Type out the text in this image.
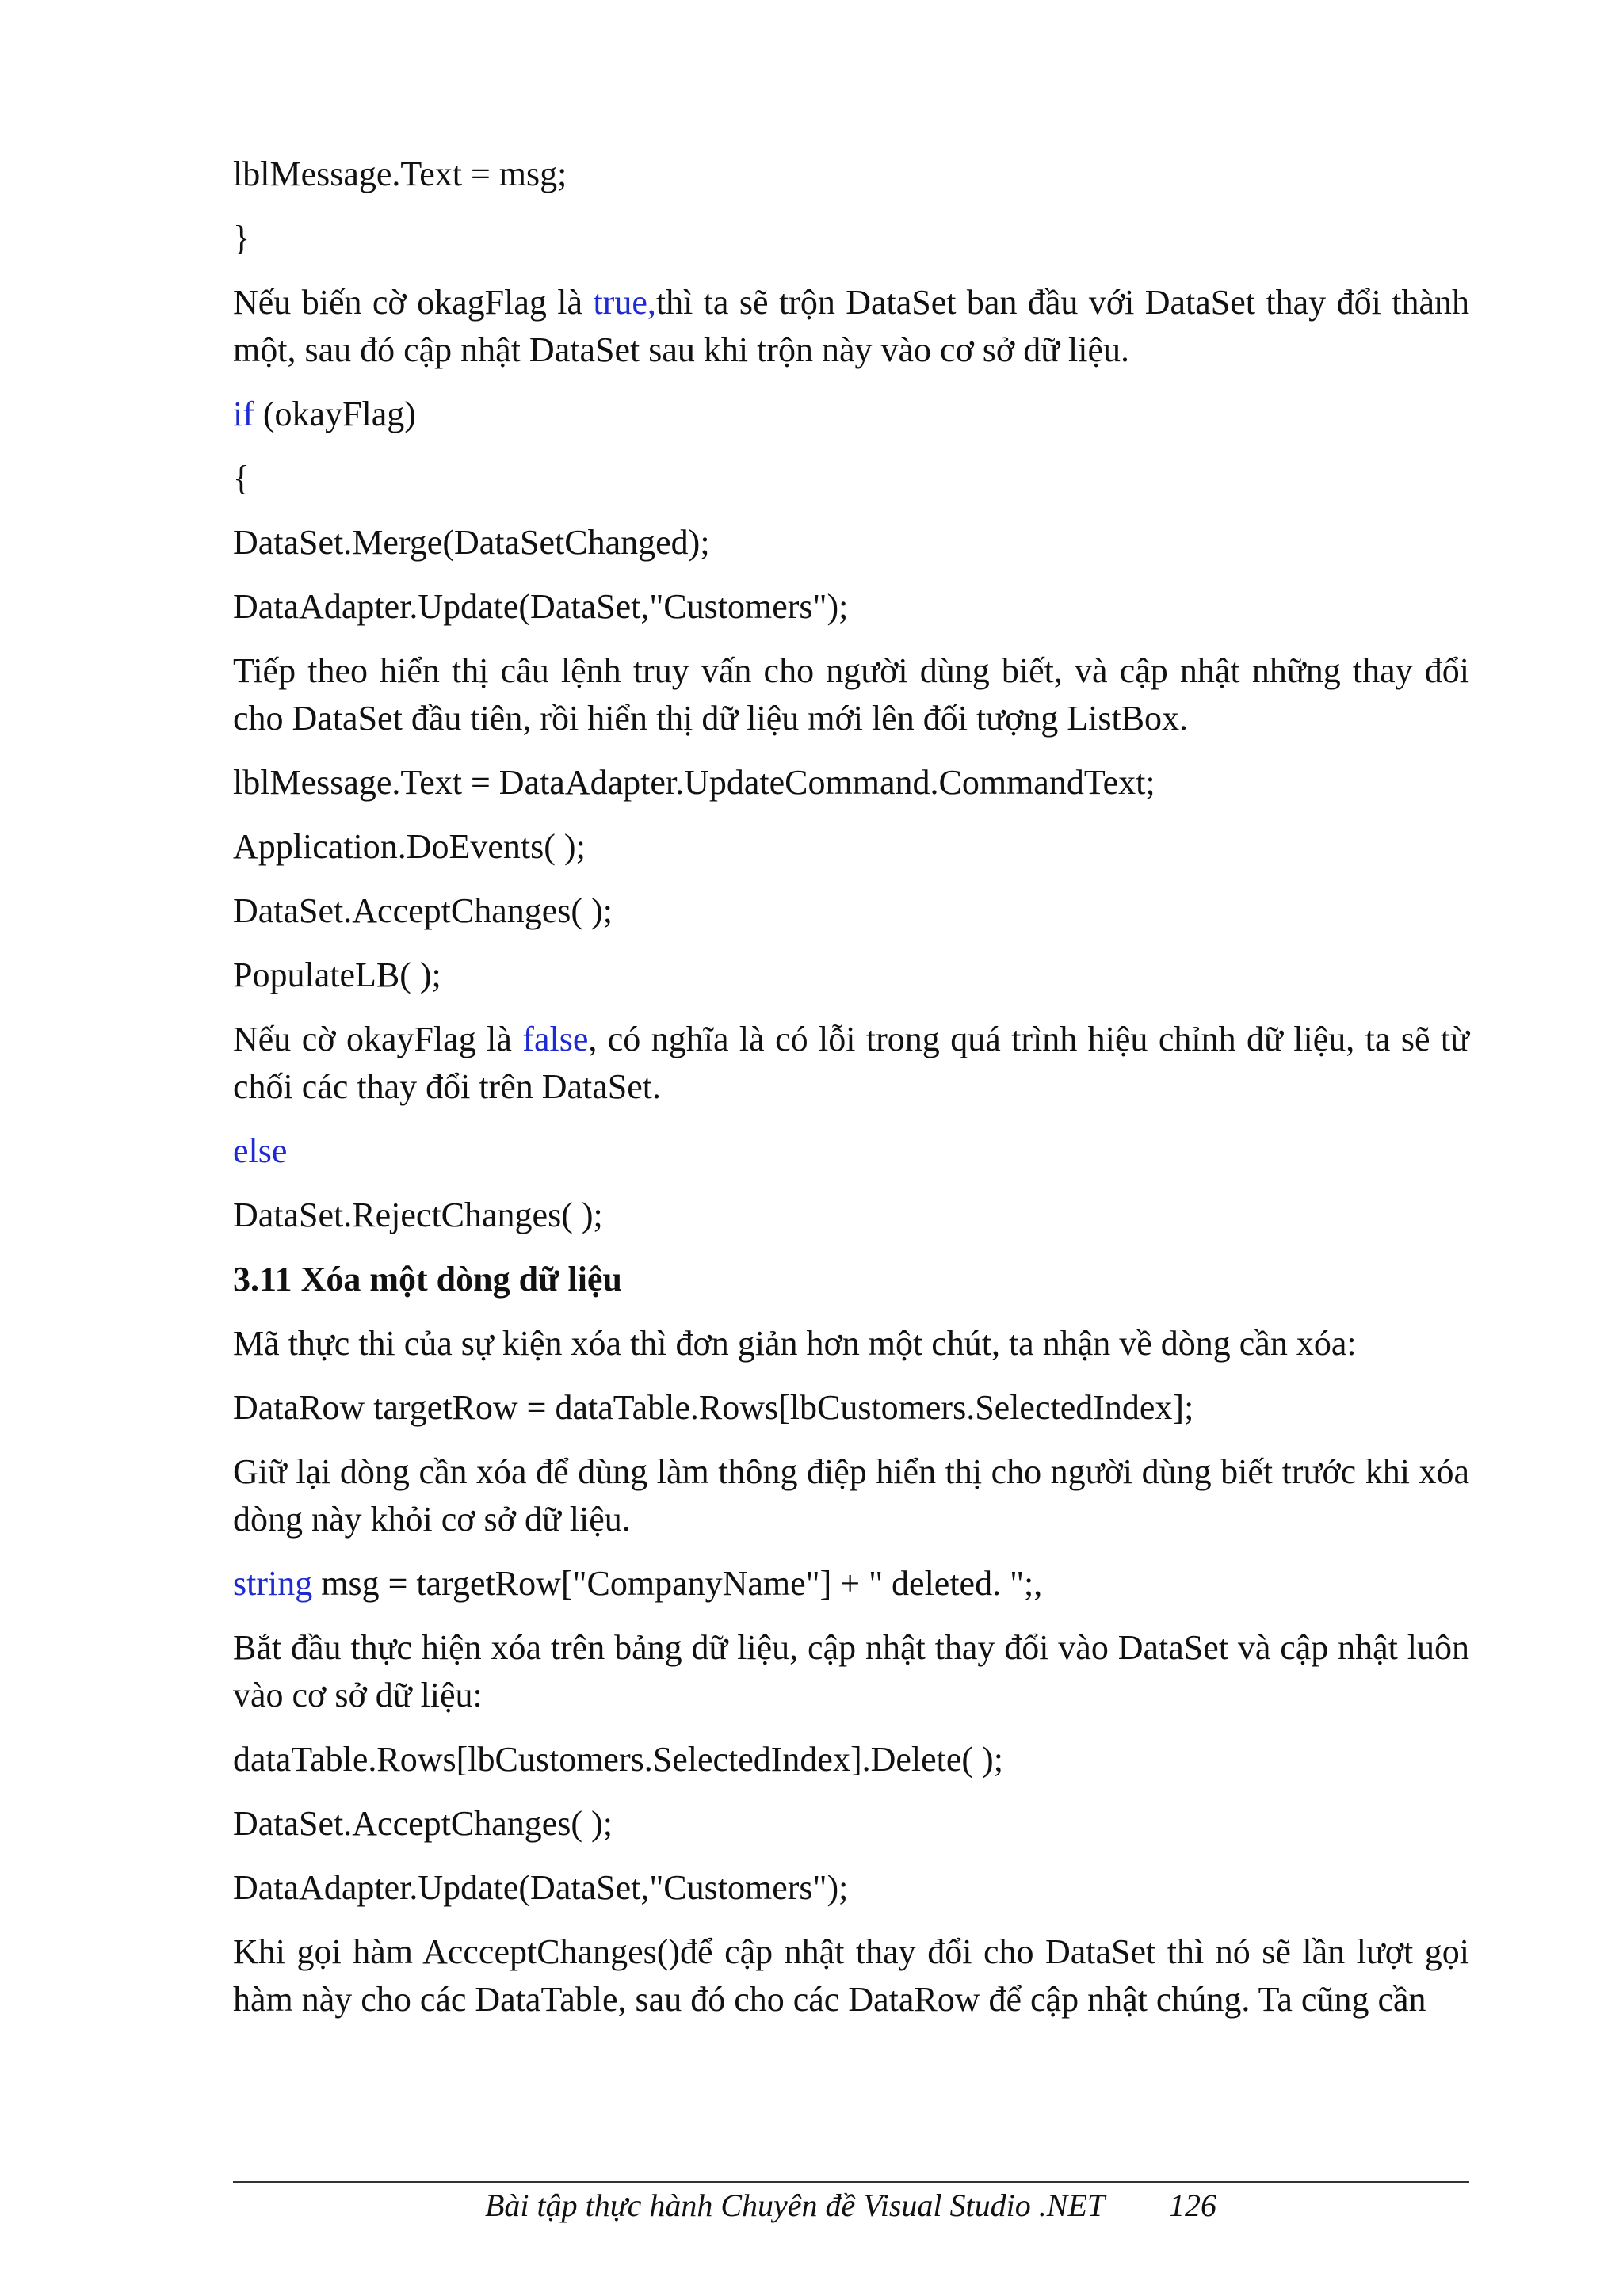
lblMessage.Text = msg;
}
Nếu biến cờ okagFlag là true,thì ta sẽ trộn DataSet ban đầu với DataSet thay đổi thành một, sau đó cập nhật DataSet sau khi trộn này vào cơ sở dữ liệu.
if (okayFlag)
{
DataSet.Merge(DataSetChanged);
DataAdapter.Update(DataSet,"Customers");
Tiếp theo hiển thị câu lệnh truy vấn cho người dùng biết, và cập nhật những thay đổi cho DataSet đầu tiên, rồi hiển thị dữ liệu mới lên đối tượng ListBox.
lblMessage.Text = DataAdapter.UpdateCommand.CommandText;
Application.DoEvents( );
DataSet.AcceptChanges( );
PopulateLB( );
Nếu cờ okayFlag là false, có nghĩa là có lỗi trong quá trình hiệu chỉnh dữ liệu, ta sẽ từ chối các thay đổi trên DataSet.
else
DataSet.RejectChanges( );
3.11 Xóa một dòng dữ liệu
Mã thực thi của sự kiện xóa thì đơn giản hơn một chút, ta nhận về dòng cần xóa:
DataRow targetRow = dataTable.Rows[lbCustomers.SelectedIndex];
Giữ lại dòng cần xóa để dùng làm thông điệp hiển thị cho người dùng biết trước khi xóa dòng này khỏi cơ sở dữ liệu.
string msg = targetRow["CompanyName"] + " deleted. ";,
Bắt đầu thực hiện xóa trên bảng dữ liệu, cập nhật thay đổi vào DataSet và cập nhật luôn vào cơ sở dữ liệu:
dataTable.Rows[lbCustomers.SelectedIndex].Delete( );
DataSet.AcceptChanges( );
DataAdapter.Update(DataSet,"Customers");
Khi gọi hàm AccceptChanges()để cập nhật thay đổi cho DataSet thì nó sẽ lần lượt gọi hàm này cho các DataTable, sau đó cho các DataRow để cập nhật chúng. Ta cũng cần
Bài tập thực hành Chuyên đề Visual Studio .NET 126
